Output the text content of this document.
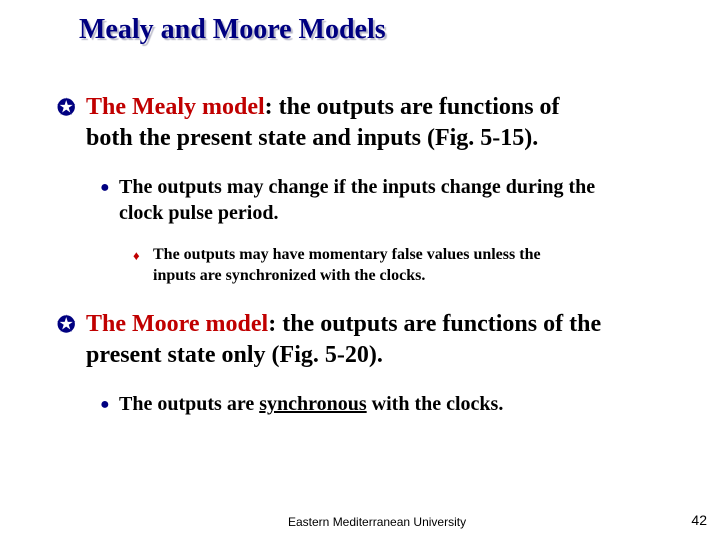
Mealy and Moore Models
✪ The Mealy model: the outputs are functions of
both the present state and inputs (Fig. 5-15).
● The outputs may change if the inputs change during the
clock pulse period.
♦ The outputs may have momentary false values unless the
inputs are synchronized with the clocks.
✪ The Moore model: the outputs are functions of the
present state only (Fig. 5-20).
● The outputs are synchronous with the clocks.
Eastern Mediterranean University	42
